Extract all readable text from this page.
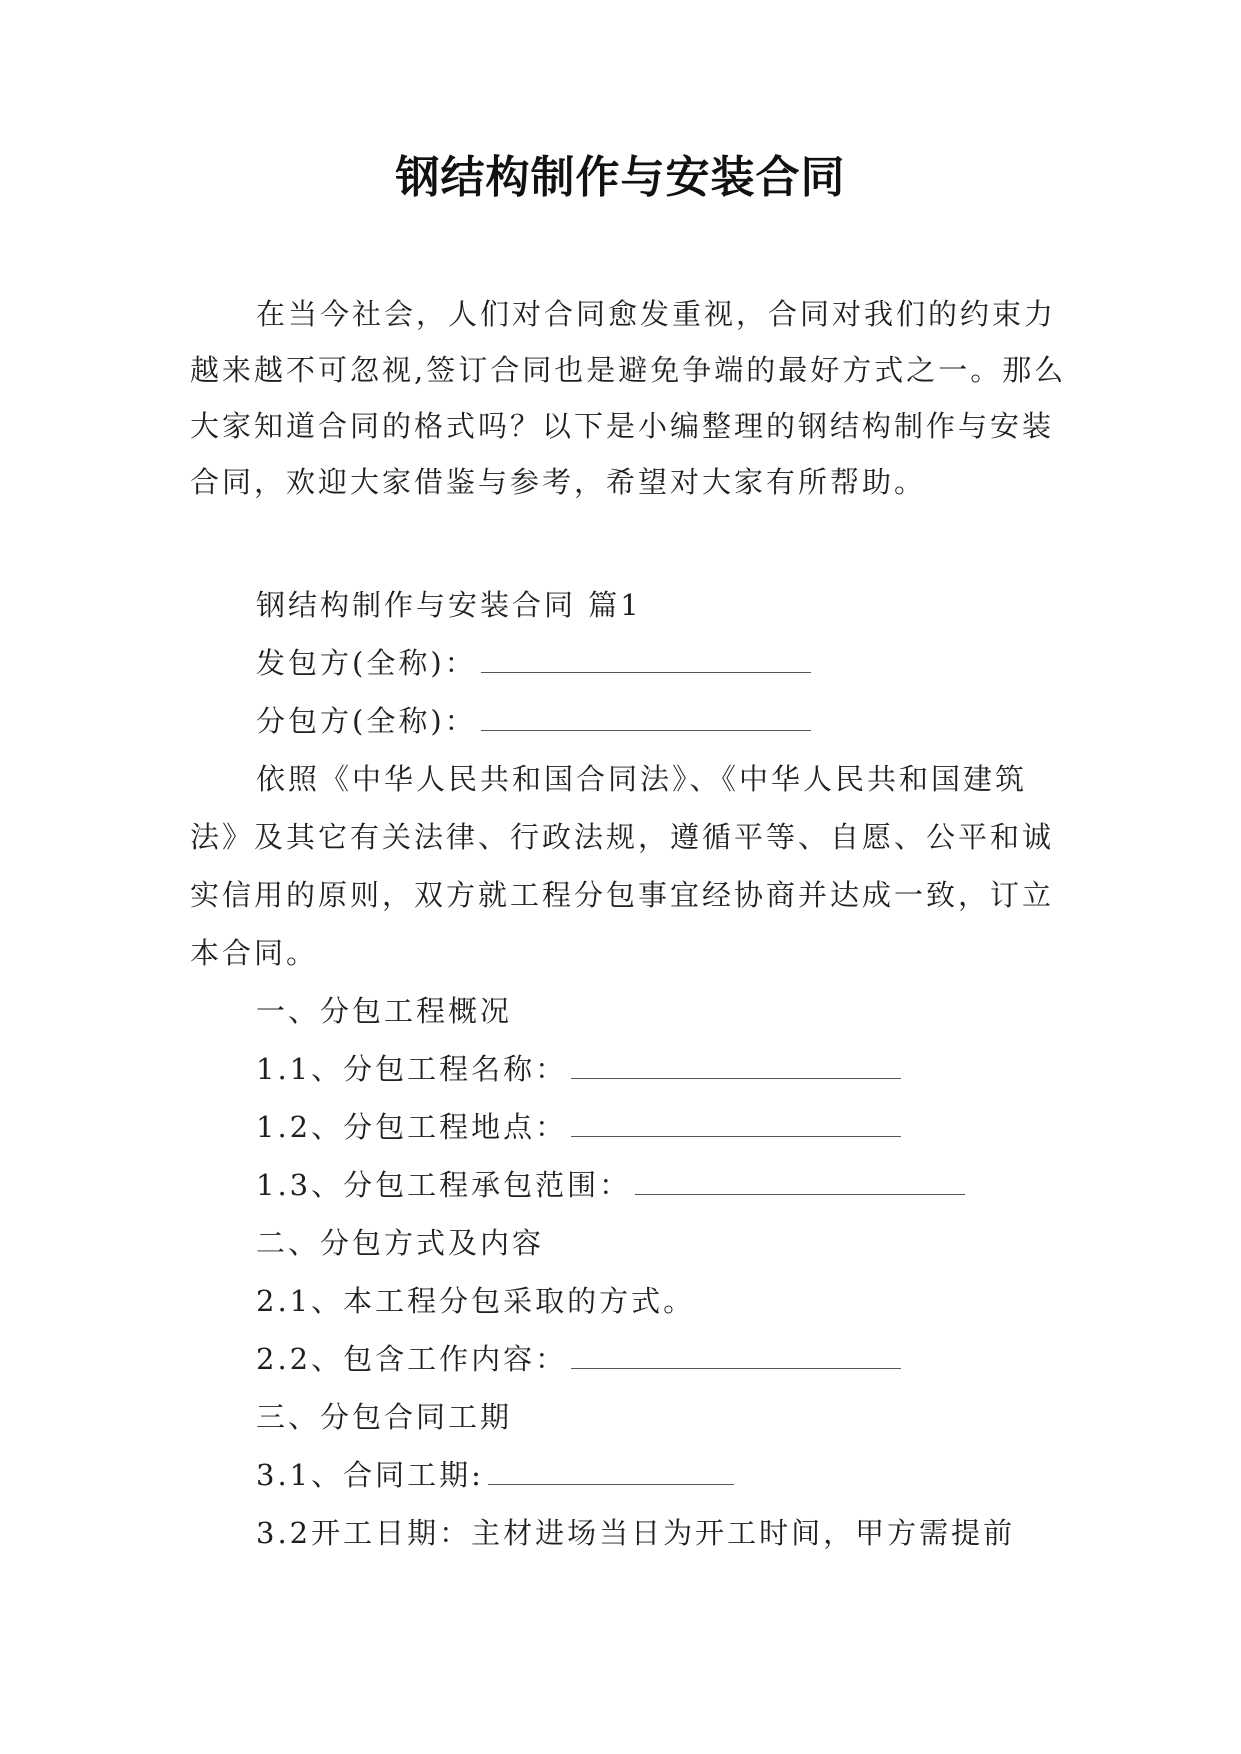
钢结构制作与安装合同
在当今社会，人们对合同愈发重视，合同对我们的约束力越来越不可忽视,签订合同也是避免争端的最好方式之一。那么大家知道合同的格式吗？以下是小编整理的钢结构制作与安装合同，欢迎大家借鉴与参考，希望对大家有所帮助。
钢结构制作与安装合同 篇1
发包方(全称)：
分包方(全称)：
依照《中华人民共和国合同法》、《中华人民共和国建筑法》及其它有关法律、行政法规，遵循平等、自愿、公平和诚实信用的原则，双方就工程分包事宜经协商并达成一致，订立本合同。
一、分包工程概况
1.1、分包工程名称：
1.2、分包工程地点：
1.3、分包工程承包范围：
二、分包方式及内容
2.1、本工程分包采取的方式。
2.2、包含工作内容：
三、分包合同工期
3.1、合同工期:
3.2开工日期：主材进场当日为开工时间，甲方需提前
